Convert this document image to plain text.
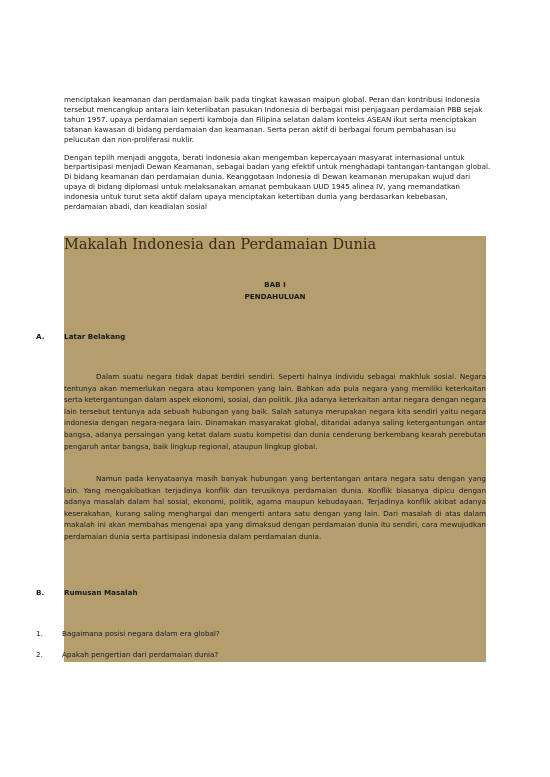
menciptakan keamanan dan perdamaian baik pada tingkat kawasan maipun global. Peran dan kontribusi Indonesia tersebut mencangkup antara lain keterlibatan pasukan Indonesia di berbagai misi penjagaan perdamaian PBB sejak tahun 1957. upaya perdamaian seperti kamboja dan Filipina selatan dalam konteks ASEAN ikut serta menciptakan tatanan kawasan di bidang perdamaian dan keamanan. Serta peran aktif di berbagai forum pembahasan isu pelucutan dan non-proliferasi nuklir.

Dengan tepilh menjadi anggota, berati indonesia akan mengemban kepercayaan masyarat internasional untuk berpartisipasi menjadi Dewan Keamanan, sebagai badan yang efektif untuk menghadapi tantangan-tantangan global. Di bidang keamanan dan perdamaian dunia. Keanggotaan Indonesia di Dewan keamanan merupakan wujud dari upaya di bidang diplomasi untuk melaksanakan amanat pembukaan UUD 1945 alinea IV, yang memandatkan indonesia untuk turut seta aktif dalam upaya menciptakan ketertiban dunia yang berdasarkan kebebasan, perdamaian abadi, dan keadialan sosial

Makalah Indonesia dan Perdamaian Dunia
BAB I
PENDAHULUAN
A.	Latar Belakang
Dalam suatu negara tidak dapat berdiri sendiri. Seperti halnya individu sebagai makhluk sosial. Negara tentunya akan memerlukan negara atau komponen yang lain. Bahkan ada pula negara yang memiliki keterkaitan serta ketergantungan dalam aspek ekonomi, sosial, dan politik. Jika adanya keterkaitan antar negara dengan negara lain tersebut tentunya ada sebuah hubungan yang baik. Salah satunya merupakan negara kita sendiri yaitu negara indonesia dengan negara-negara lain. Dinamakan masyarakat global, ditandai adanya saling ketergantungan antar bangsa, adanya persaingan yang ketat dalam suatu kompetisi dan dunia cenderung berkembang kearah perebutan pengaruh antar bangsa, baik lingkup regional, ataupun lingkup global.
Namun pada kenyataanya masih banyak hubungan yang bertentangan antara negara satu dengan yang lain. Yang mengakibatkan terjadinya konflik dan terusiknya perdamaian dunia. Konflik biasanya dipicu dengan adanya masalah dalam hal sosial, ekonomi, politik, agama maupun kebudayaan. Terjadinya konflik akibat adanya keserakahan, kurang saling menghargai dan mengerti antara satu dengan yang lain. Dari masalah di atas dalam makalah ini akan membahas mengenai apa yang dimaksud dengan perdamaian dunia itu sendiri, cara mewujudkan perdamaian dunia serta partisipasi indonesia dalam perdamaian dunia.
B.	Rumusan Masalah
1.	Bagaimana posisi negara dalam era global?
2.	Apakah pengertian dari perdamaian dunia?
